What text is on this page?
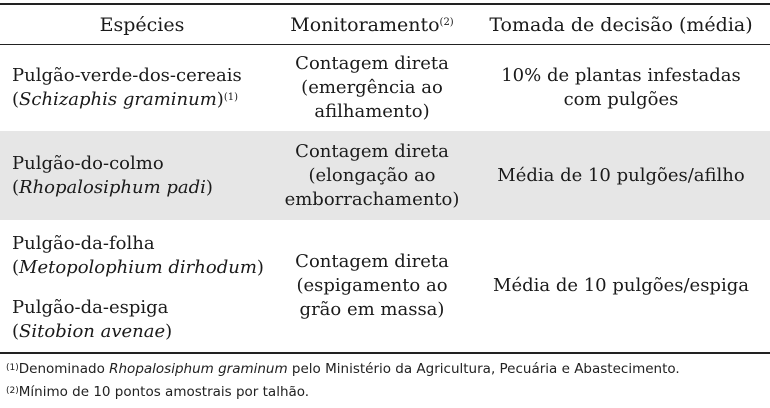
Espécies	Monitoramento$^{(2)}$ Tomada de decisão (média)
Pulgão-verde-dos-cereais
(Schizaphis graminum)$^{(1)}$
Contagem direta
(emergência ao
afilhamento)
10% de plantas infestadas
com pulgões
Pulgão-do-colmo
(Rhopalosiphum padi)
Contagem direta
(elongação ao
emborrachamento)
Média de 10 pulgões/afilho
Pulgão-da-folha
(Metopolophium dirhodum)
Pulgão-da-espiga
(Sitobion avenae)
Contagem direta
(espigamento ao
grão em massa)
Média de 10 pulgões/espiga
$^{(1)}$Denominado Rhopalosiphum graminum pelo Ministério da Agricultura, Pecuária e Abastecimento.
$^{(2)}$Mínimo de 10 pontos amostrais por talhão.
